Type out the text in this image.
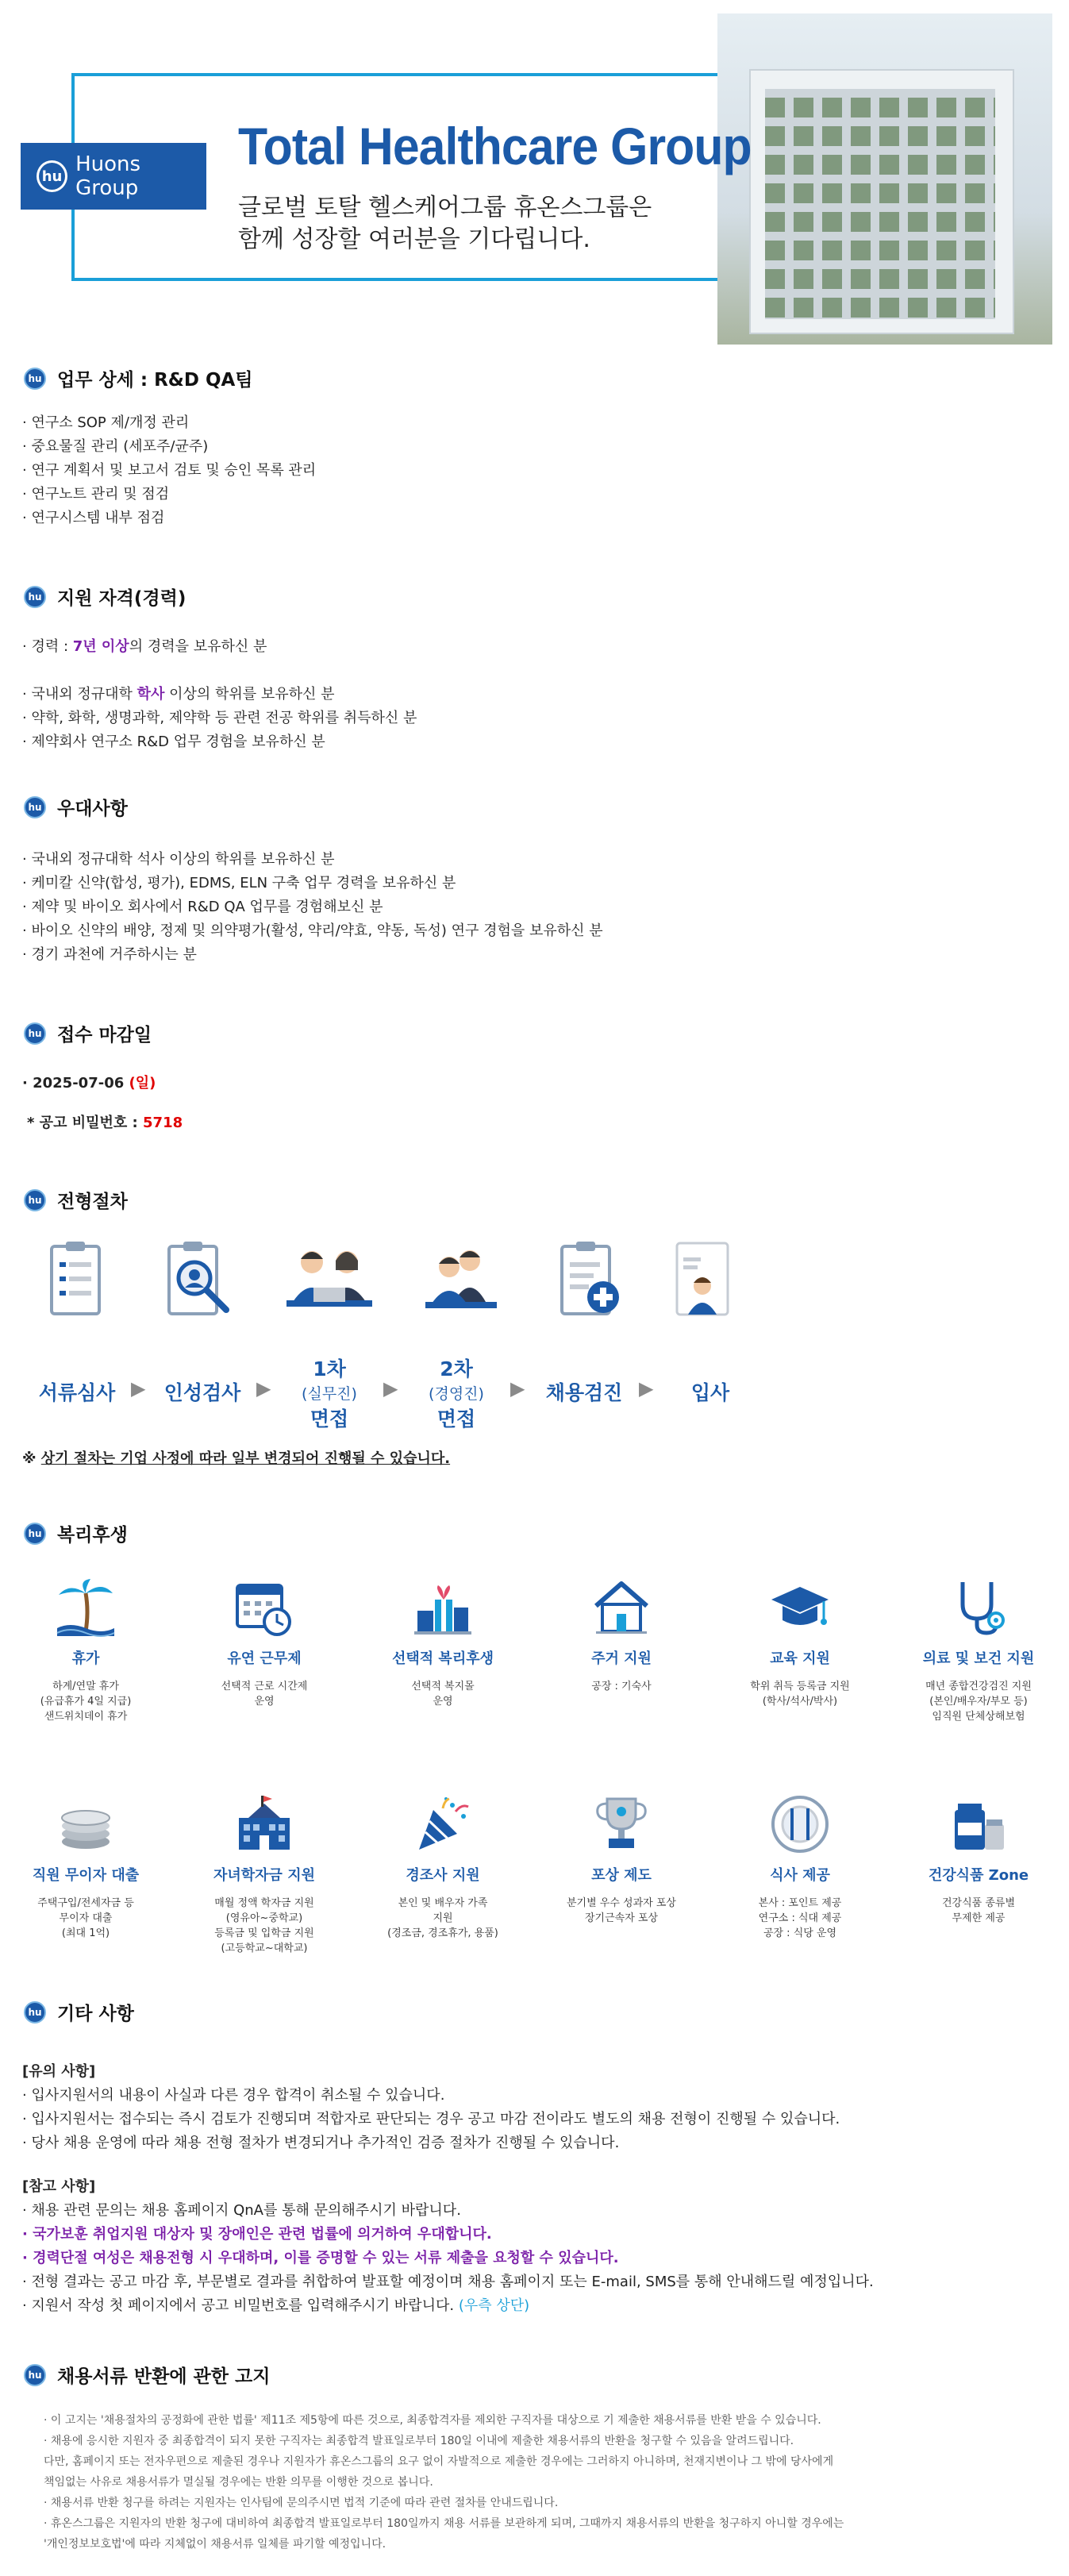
hu Huons Group
Total Healthcare Group
글로벌 토탈 헬스케어그룹 휴온스그룹은
함께 성장할 여러분을 기다립니다.
hu 업무 상세 : R&D QA팀
· 연구소 SOP 제/개정 관리
· 중요물질 관리 (세포주/균주)
· 연구 계획서 및 보고서 검토 및 승인 목록 관리
· 연구노트 관리 및 점검
· 연구시스템 내부 점검
hu 지원 자격(경력)
· 경력 : 7년 이상의 경력을 보유하신 분
· 국내외 정규대학 학사 이상의 학위를 보유하신 분
· 약학, 화학, 생명과학, 제약학 등 관련 전공 학위를 취득하신 분
· 제약회사 연구소 R&D 업무 경험을 보유하신 분
hu 우대사항
· 국내외 정규대학 석사 이상의 학위를 보유하신 분
· 케미칼 신약(합성, 평가), EDMS, ELN 구축 업무 경력을 보유하신 분
· 제약 및 바이오 회사에서 R&D QA 업무를 경험해보신 분
· 바이오 신약의 배양, 정제 및 의약평가(활성, 약리/약효, 약동, 독성) 연구 경험을 보유하신 분
· 경기 과천에 거주하시는 분
hu 접수 마감일
· 2025-07-06 (일)
* 공고 비밀번호 : 5718
hu 전형절차
서류심사 ▶ 인성검사 ▶
1차
(실무진)
면접
▶
2차
(경영진)
면접
▶	채용검진 ▶	입사
※ 상기 절차는 기업 사정에 따라 일부 변경되어 진행될 수 있습니다.
hu 복리후생
휴가
하계/연말 휴가
(유급휴가 4일 지급)
샌드위치데이 휴가
유연 근무제
선택적 근로 시간제
운영
선택적 복리후생
선택적 복지몰
운영
주거 지원
공장 : 기숙사
교육 지원
학위 취득 등록금 지원
(학사/석사/박사)
의료 및 보건 지원
매년 종합건강검진 지원
(본인/배우자/부모 등)
임직원 단체상해보험
직원 무이자 대출
주택구입/전세자금 등
무이자 대출
(최대 1억)
자녀학자금 지원
매월 정액 학자금 지원
(영유아~중학교)
등록금 및 입학금 지원
(고등학교~대학교)
경조사 지원
본인 및 배우자 가족
지원
(경조금, 경조휴가, 용품)
포상 제도
분기별 우수 성과자 포상
장기근속자 포상
식사 제공
본사 : 포인트 제공
연구소 : 식대 제공
공장 : 식당 운영
건강식품 Zone
건강식품 종류별
무제한 제공
hu 기타 사항
[유의 사항]
· 입사지원서의 내용이 사실과 다른 경우 합격이 취소될 수 있습니다.
· 입사지원서는 접수되는 즉시 검토가 진행되며 적합자로 판단되는 경우 공고 마감 전이라도 별도의 채용 전형이 진행될 수 있습니다.
· 당사 채용 운영에 따라 채용 전형 절차가 변경되거나 추가적인 검증 절차가 진행될 수 있습니다.
[참고 사항]
· 채용 관련 문의는 채용 홈페이지 QnA를 통해 문의해주시기 바랍니다.
· 국가보훈 취업지원 대상자 및 장애인은 관련 법률에 의거하여 우대합니다.
· 경력단절 여성은 채용전형 시 우대하며, 이를 증명할 수 있는 서류 제출을 요청할 수 있습니다.
· 전형 결과는 공고 마감 후, 부문별로 결과를 취합하여 발표할 예정이며 채용 홈페이지 또는 E-mail, SMS를 통해 안내해드릴 예정입니다.
· 지원서 작성 첫 페이지에서 공고 비밀번호를 입력해주시기 바랍니다. (우측 상단)
hu 채용서류 반환에 관한 고지
· 이 고지는 '채용절차의 공정화에 관한 법률' 제11조 제5항에 따른 것으로, 최종합격자를 제외한 구직자를 대상으로 기 제출한 채용서류를 반환 받을 수 있습니다.
· 채용에 응시한 지원자 중 최종합격이 되지 못한 구직자는 최종합격 발표일로부터 180일 이내에 제출한 채용서류의 반환을 청구할 수 있음을 알려드립니다.
다만, 홈페이지 또는 전자우편으로 제출된 경우나 지원자가 휴온스그룹의 요구 없이 자발적으로 제출한 경우에는 그러하지 아니하며, 천재지변이나 그 밖에 당사에게
책임없는 사유로 채용서류가 멸실될 경우에는 반환 의무를 이행한 것으로 봅니다.
· 채용서류 반환 청구를 하려는 지원자는 인사팀에 문의주시면 법적 기준에 따라 관련 절차를 안내드립니다.
· 휴온스그룹은 지원자의 반환 청구에 대비하여 최종합격 발표일로부터 180일까지 채용 서류를 보관하게 되며, 그때까지 채용서류의 반환을 청구하지 아니할 경우에는
'개인정보보호법'에 따라 지체없이 채용서류 일체를 파기할 예정입니다.
